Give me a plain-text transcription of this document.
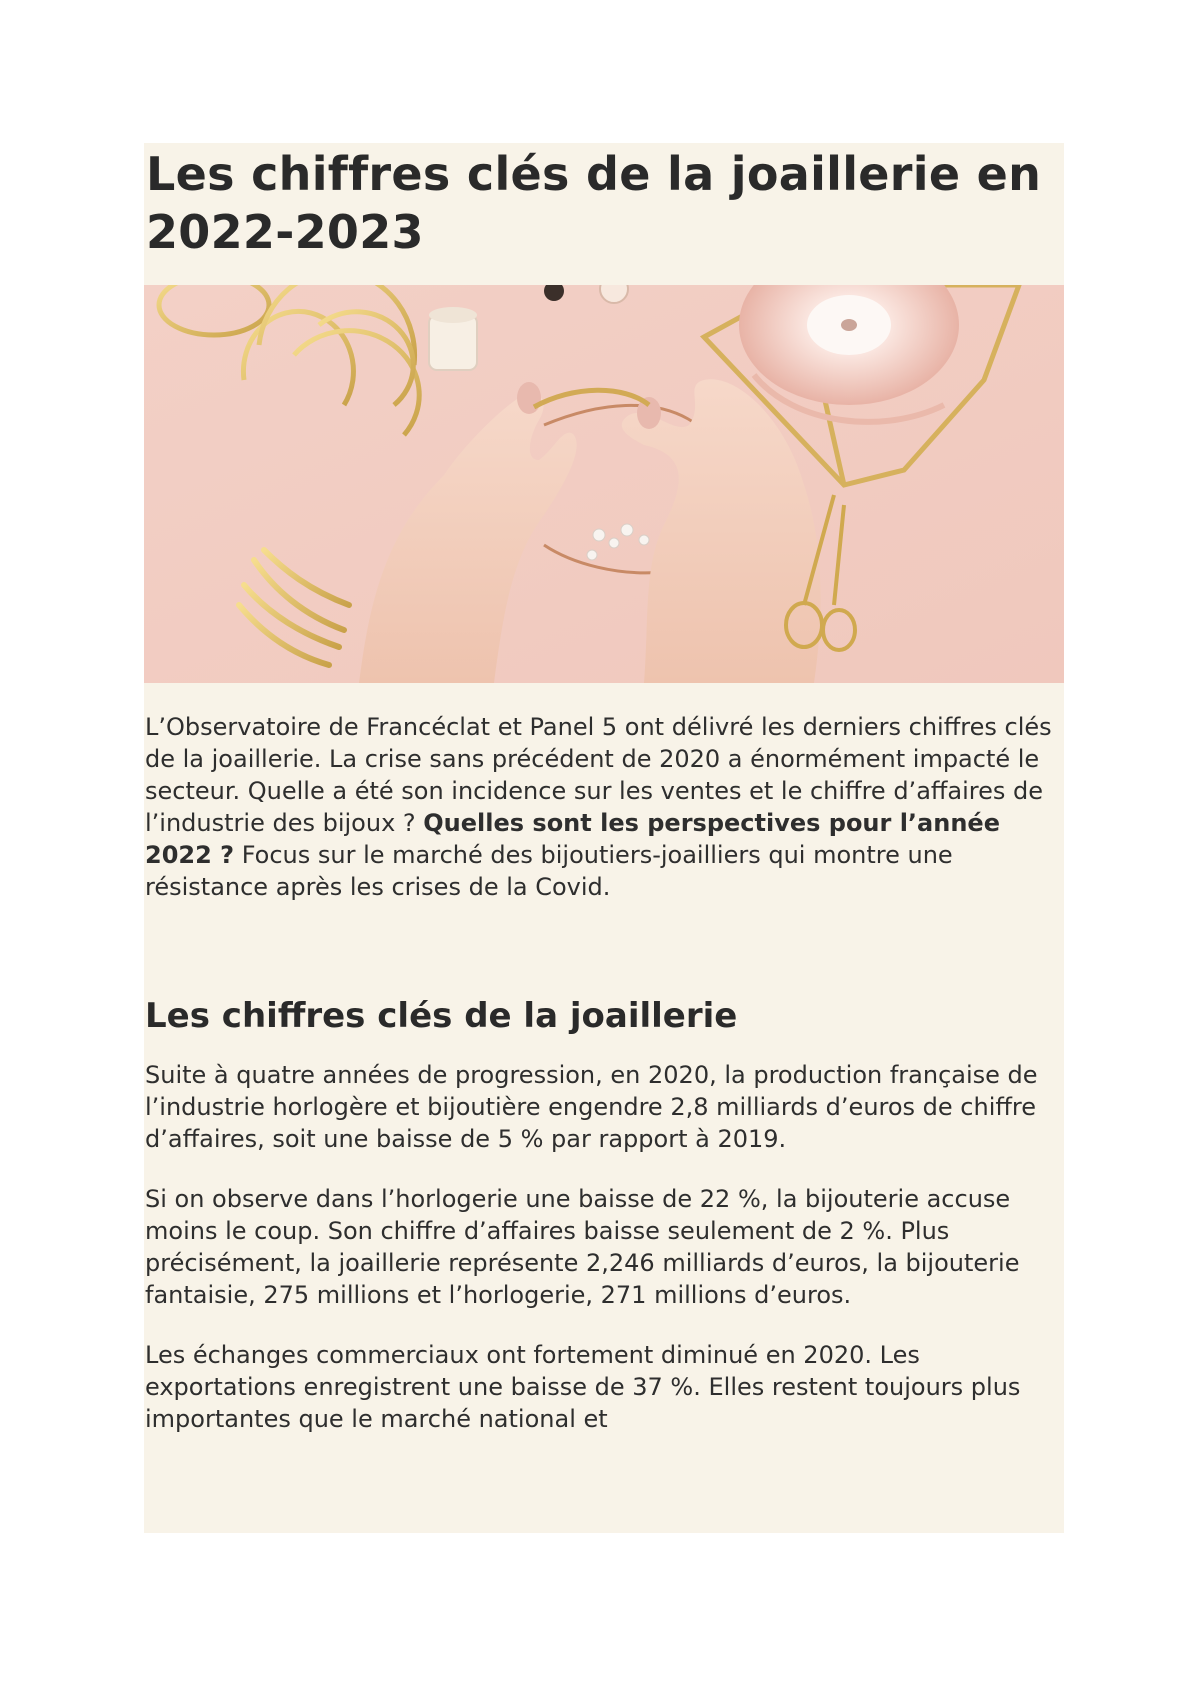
Les chiffres clés de la joaillerie en 2022-2023

L’Observatoire de Francéclat et Panel 5 ont délivré les derniers chiffres clés de la joaillerie. La crise sans précédent de 2020 a énormément impacté le secteur. Quelle a été son incidence sur les ventes et le chiffre d’affaires de l’industrie des bijoux ? Quelles sont les perspectives pour l’année 2022 ? Focus sur le marché des bijoutiers-joailliers qui montre une résistance après les crises de la Covid.

Les chiffres clés de la joaillerie

Suite à quatre années de progression, en 2020, la production française de l’industrie horlogère et bijoutière engendre 2,8 milliards d’euros de chiffre d’affaires, soit une baisse de 5 % par rapport à 2019.

Si on observe dans l’horlogerie une baisse de 22 %, la bijouterie accuse moins le coup. Son chiffre d’affaires baisse seulement de 2 %. Plus précisément, la joaillerie représente 2,246 milliards d’euros, la bijouterie fantaisie, 275 millions et l’horlogerie, 271 millions d’euros.

Les échanges commerciaux ont fortement diminué en 2020. Les exportations enregistrent une baisse de 37 %. Elles restent toujours plus importantes que le marché national et
